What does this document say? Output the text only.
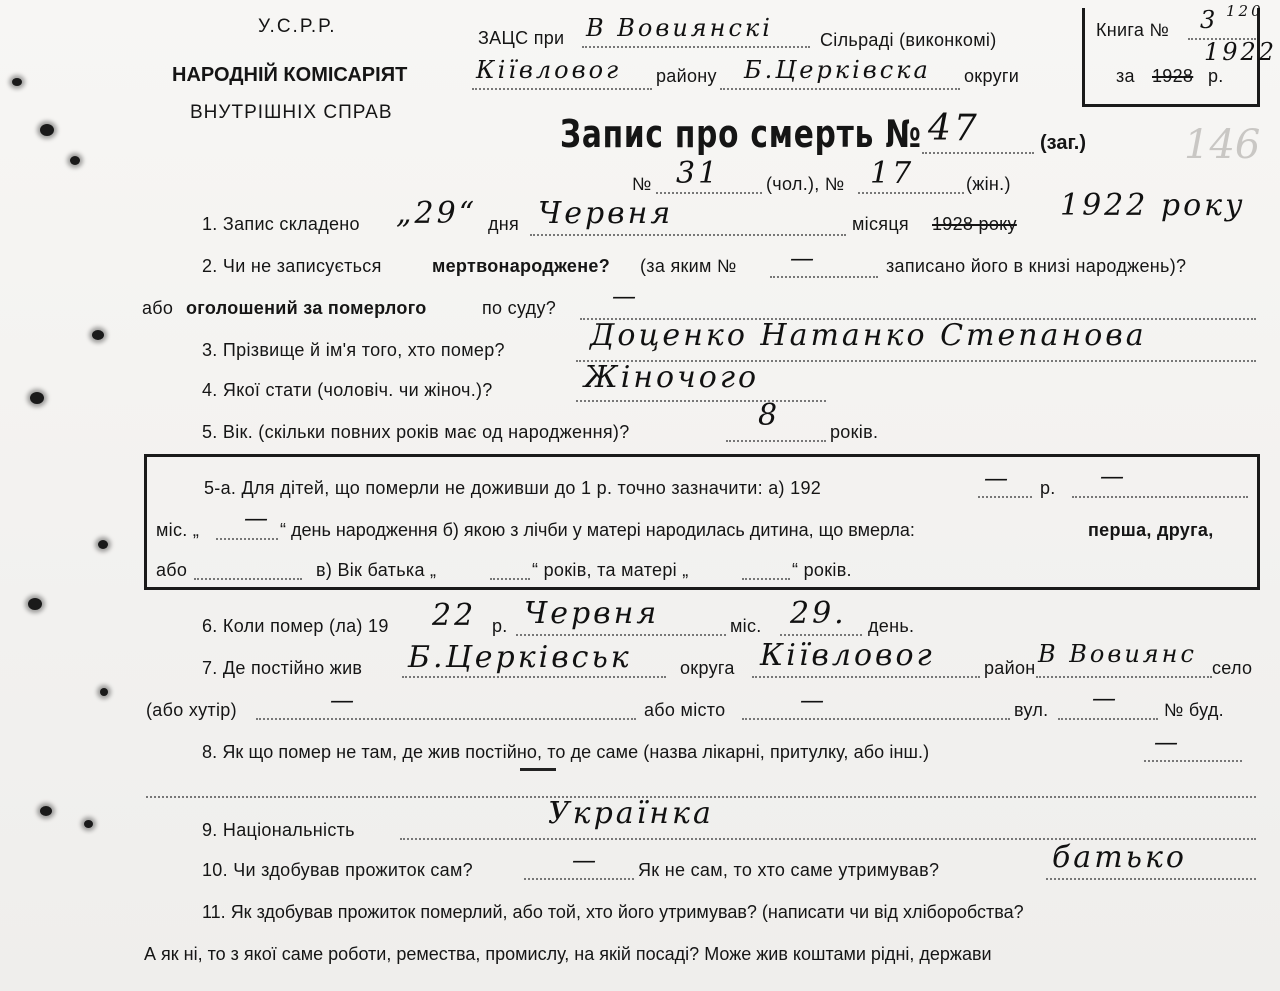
У.С.Р.Р.
НАРОДНІЙ КОМІСАРІЯТ
ВНУТРІШНІХ СПРАВ
ЗАЦС при В Вовиянскі	Сільраді (виконкомі)
Кіївловог району Б.Церківска округи
Книга № 3 120
1922
за 1928 р.
146
Запис про смерть № 47	(заг.)
№ 31	(чол.), № 17	(жін.)
1. Запис складено „29“ дня Червня	місяця 1928 року
1922 року
2. Чи не записується	мертвонароджене? (за яким № —	записано його в книзі народжень)?
або оголошений за померлого	по суду? —
3. Прізвище й ім'я того, хто помер?	Доценко Натанко Степанова
4. Якої стати (чоловіч. чи жіноч.)?	Жіночого
5. Вік. (скільки повних років має од народження)?	8	років.
5-а. Для дітей, що померли не доживши до 1 р. точно зазначити: а) 192	— р. —
міс. „ — “ день народження б) якою з лічби у матері народилась дитина, що вмерла:	перша, друга,
або	в) Вік батька „	“ років, та матері „	“ років.
6. Коли помер (ла) 19 22 р. Червня	міс. 29. день.
7. Де постійно жив Б.Церківськ	округа Кіївловог	район В Вовиянс село
(або хутір)	—	або місто	—	вул. —	№ буд.
8. Як що помер не там, де жив постійно, то де саме (назва лікарні, притулку, або інш.)	—
9. Національність	Українка
10. Чи здобував прожиток сам?	— Як не сам, то хто саме утримував?	батько
11. Як здобував прожиток померлий, або той, хто його утримував? (написати чи від хліборобства?
А як ні, то з якої саме роботи, ремества, промислу, на якій посаді? Може жив коштами рідні, держави
